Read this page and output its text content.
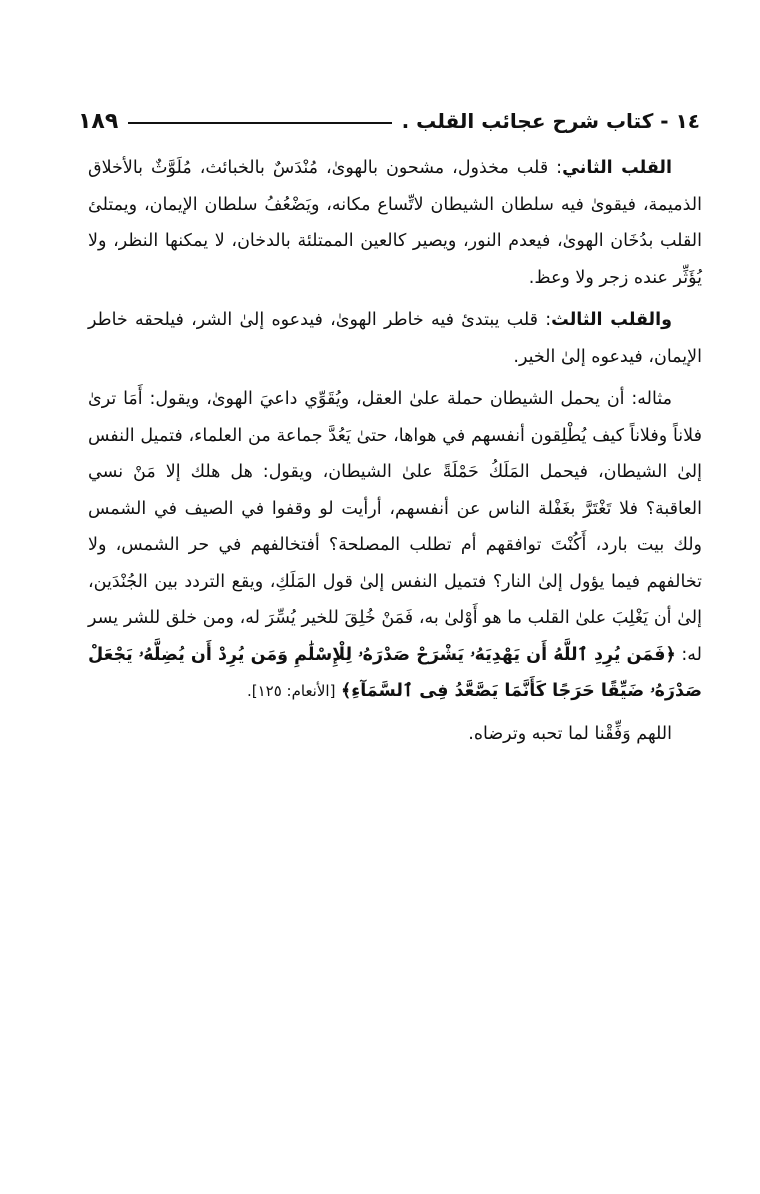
١٤ - كتاب شرح عجائب القلب .
١٨٩

القلب الثاني: قلب مخذول، مشحون بالهوىٰ، مُنْدَسٌ بالخبائث، مُلَوَّثٌ بالأخلاق الذميمة، فيقوىٰ فيه سلطان الشيطان لاتِّساع مكانه، ويَضْعُفُ سلطان الإيمان، ويمتلئ القلب بدُخَان الهوىٰ، فيعدم النور، ويصير كالعين الممتلئة بالدخان، لا يمكنها النظر، ولا يُؤَثِّر عنده زجر ولا وعظ.

والقلب الثالث: قلب يبتدئ فيه خاطر الهوىٰ، فيدعوه إلىٰ الشر، فيلحقه خاطر الإيمان، فيدعوه إلىٰ الخير.

مثاله: أن يحمل الشيطان حملة علىٰ العقل، ويُقَوِّي داعيَ الهوىٰ، ويقول: أَمَا ترىٰ فلاناً وفلاناً كيف يُطْلِقون أنفسهم في هواها، حتىٰ يَعُدَّ جماعة من العلماء، فتميل النفس إلىٰ الشيطان، فيحمل المَلَكُ حَمْلَةً علىٰ الشيطان، ويقول: هل هلك إلا مَنْ نسي العاقبة؟ فلا تَغْتَرَّ بغَفْلة الناس عن أنفسهم، أرأيت لو وقفوا في الصيف في الشمس ولك بيت بارد، أَكُنْتَ توافقهم أم تطلب المصلحة؟ أفتخالفهم في حر الشمس، ولا تخالفهم فيما يؤول إلىٰ النار؟ فتميل النفس إلىٰ قول المَلَكِ، ويقع التردد بين الجُنْدَين، إلىٰ أن يَغْلِبَ علىٰ القلب ما هو أَوْلىٰ به، فَمَنْ خُلِقَ للخير يُسِّرَ له، ومن خلق للشر يسر له: ﴿فَمَن يُرِدِ ٱللَّهُ أَن يَهْدِيَهُۥ يَشْرَحْ صَدْرَهُۥ لِلْإِسْلَٰمِ وَمَن يُرِدْ أَن يُضِلَّهُۥ يَجْعَلْ صَدْرَهُۥ ضَيِّقًا حَرَجًا كَأَنَّمَا يَصَّعَّدُ فِى ٱلسَّمَآءِ﴾ [الأنعام: ١٢٥].

اللهم وَفِّقْنا لما تحبه وترضاه.
